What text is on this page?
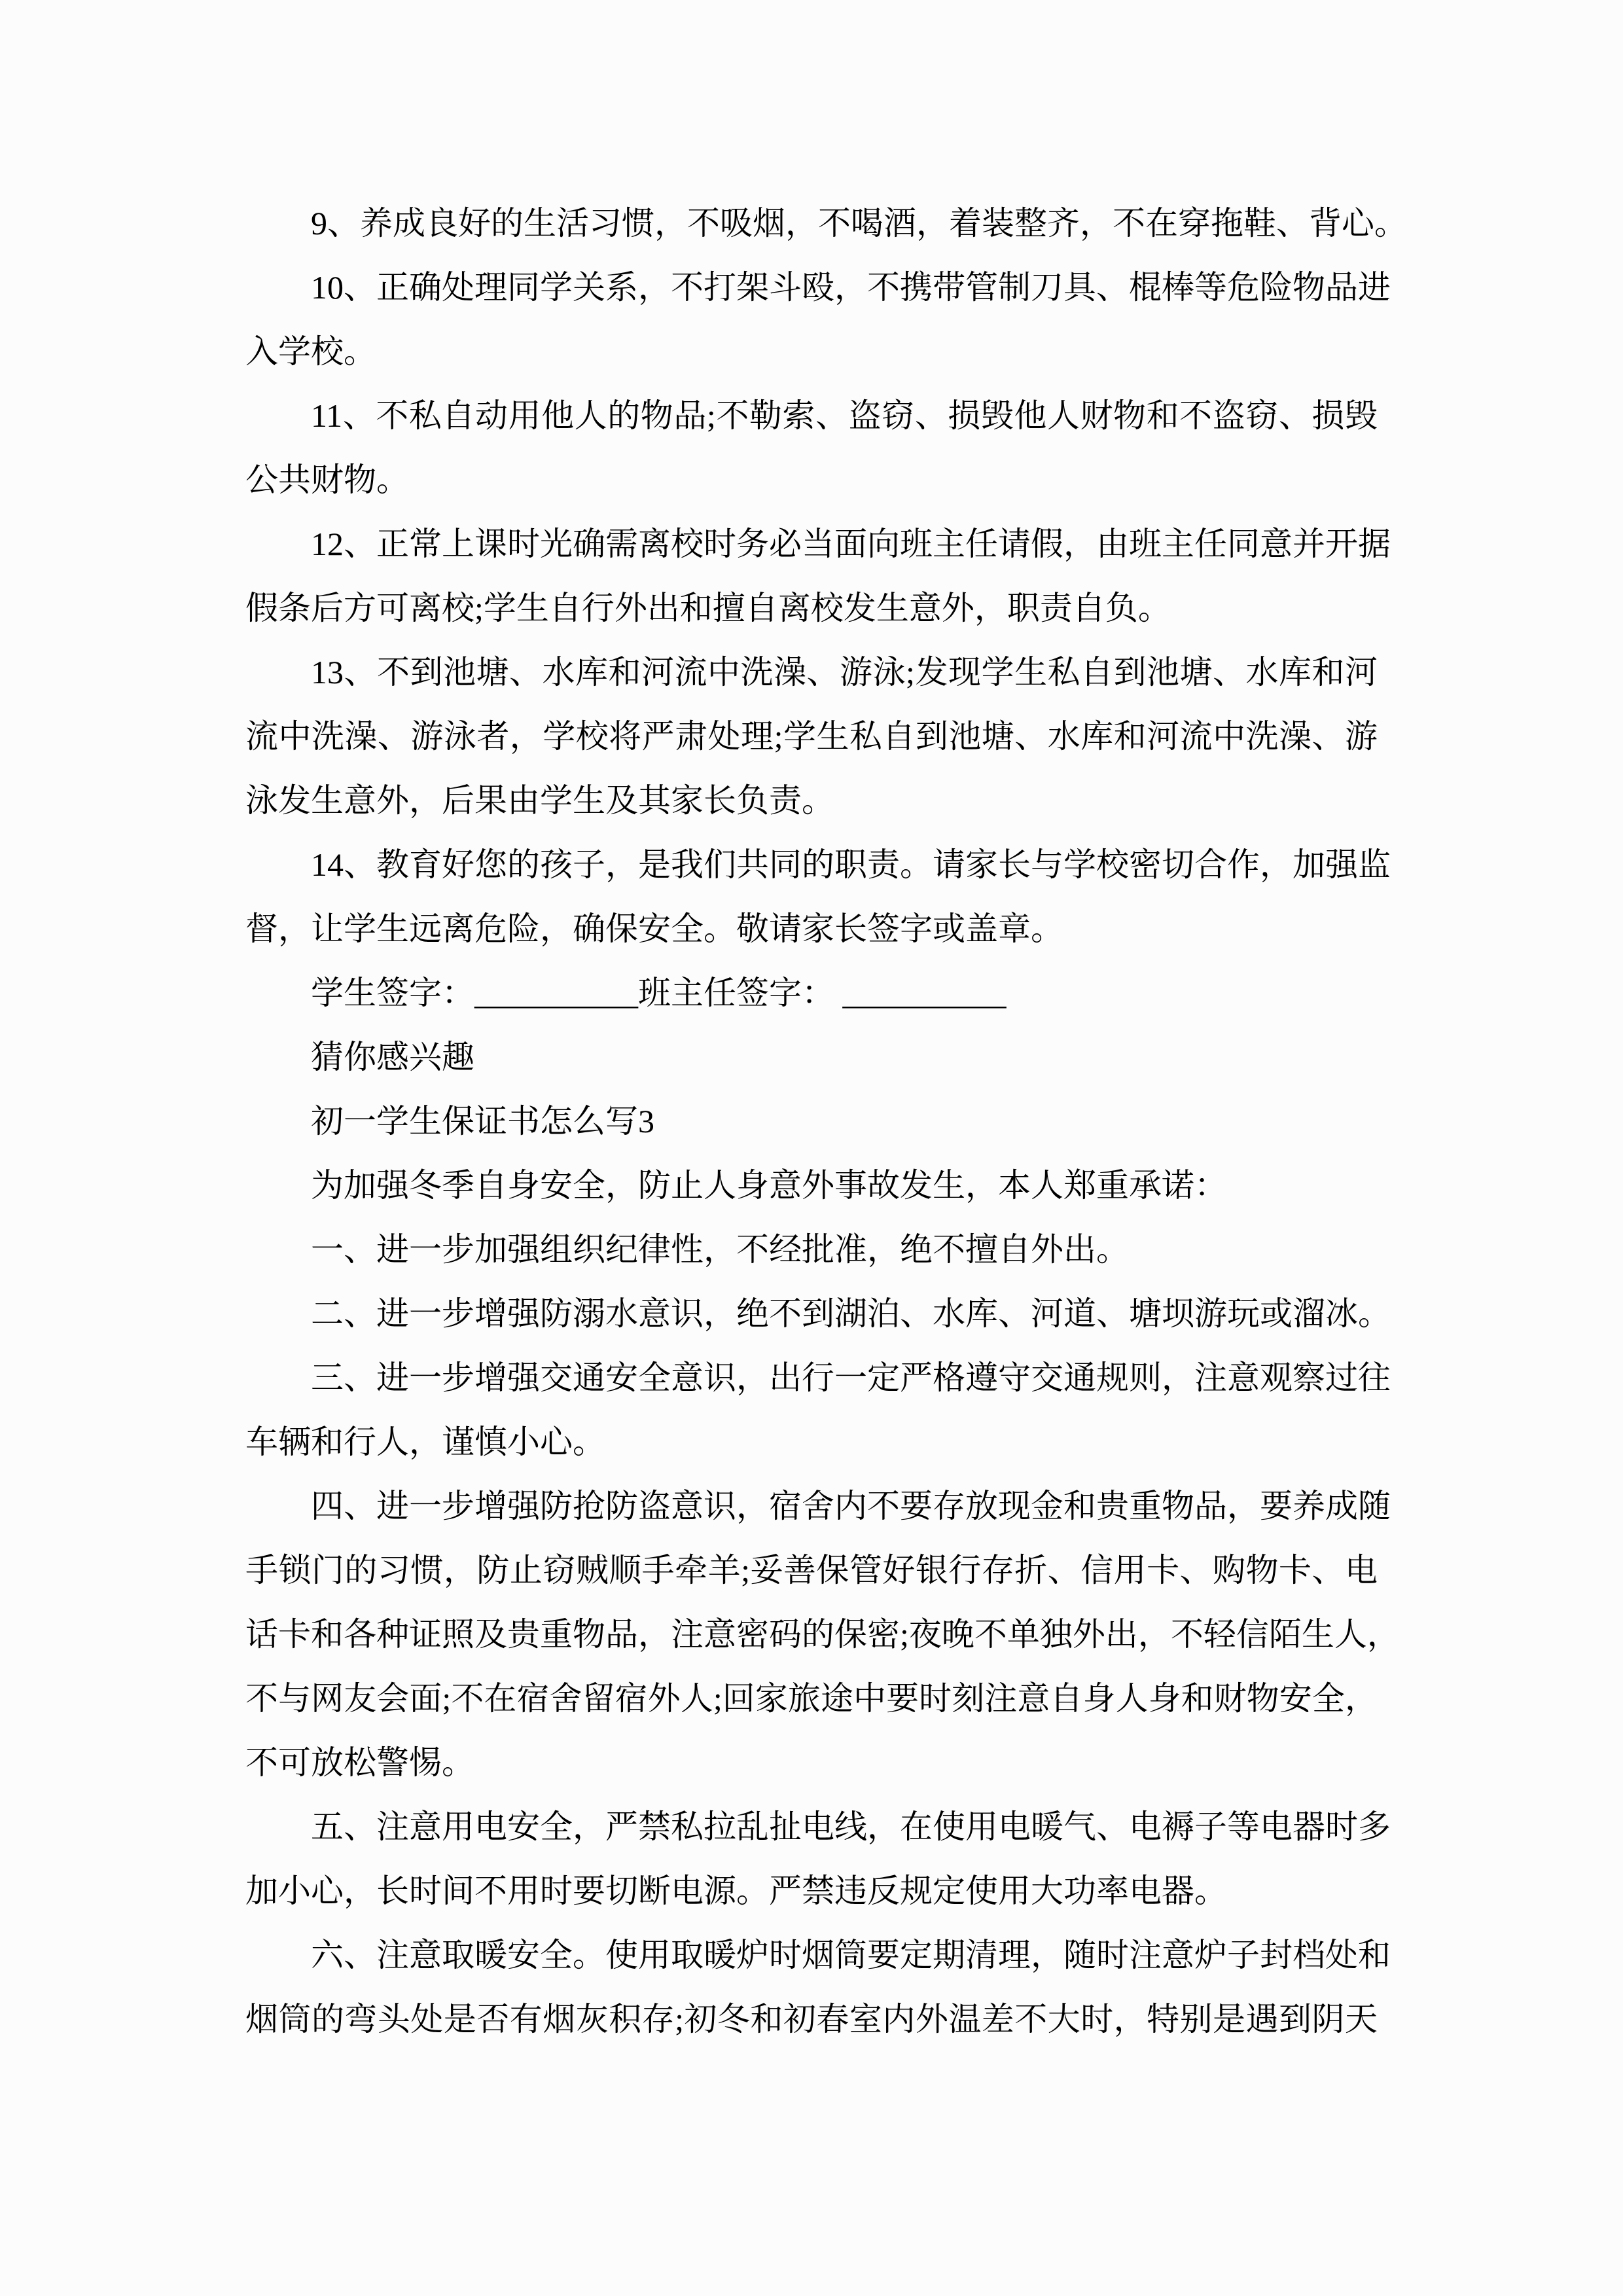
9、养成良好的生活习惯，不吸烟，不喝酒，着装整齐，不在穿拖鞋、背心。
10、正确处理同学关系，不打架斗殴，不携带管制刀具、棍棒等危险物品进
入学校。
11、不私自动用他人的物品;不勒索、盗窃、损毁他人财物和不盗窃、损毁
公共财物。
12、正常上课时光确需离校时务必当面向班主任请假，由班主任同意并开据
假条后方可离校;学生自行外出和擅自离校发生意外，职责自负。
13、不到池塘、水库和河流中洗澡、游泳;发现学生私自到池塘、水库和河
流中洗澡、游泳者，学校将严肃处理;学生私自到池塘、水库和河流中洗澡、游
泳发生意外，后果由学生及其家长负责。
14、教育好您的孩子，是我们共同的职责。请家长与学校密切合作，加强监
督，让学生远离危险，确保安全。敬请家长签字或盖章。
学生签字：__________班主任签字： __________
猜你感兴趣
初一学生保证书怎么写3
为加强冬季自身安全，防止人身意外事故发生，本人郑重承诺：
一、进一步加强组织纪律性，不经批准，绝不擅自外出。
二、进一步增强防溺水意识，绝不到湖泊、水库、河道、塘坝游玩或溜冰。
三、进一步增强交通安全意识，出行一定严格遵守交通规则，注意观察过往
车辆和行人，谨慎小心。
四、进一步增强防抢防盗意识，宿舍内不要存放现金和贵重物品，要养成随
手锁门的习惯，防止窃贼顺手牵羊;妥善保管好银行存折、信用卡、购物卡、电
话卡和各种证照及贵重物品，注意密码的保密;夜晚不单独外出，不轻信陌生人，
不与网友会面;不在宿舍留宿外人;回家旅途中要时刻注意自身人身和财物安全，
不可放松警惕。
五、注意用电安全，严禁私拉乱扯电线，在使用电暖气、电褥子等电器时多
加小心，长时间不用时要切断电源。严禁违反规定使用大功率电器。
六、注意取暖安全。使用取暖炉时烟筒要定期清理，随时注意炉子封档处和
烟筒的弯头处是否有烟灰积存;初冬和初春室内外温差不大时，特别是遇到阴天
